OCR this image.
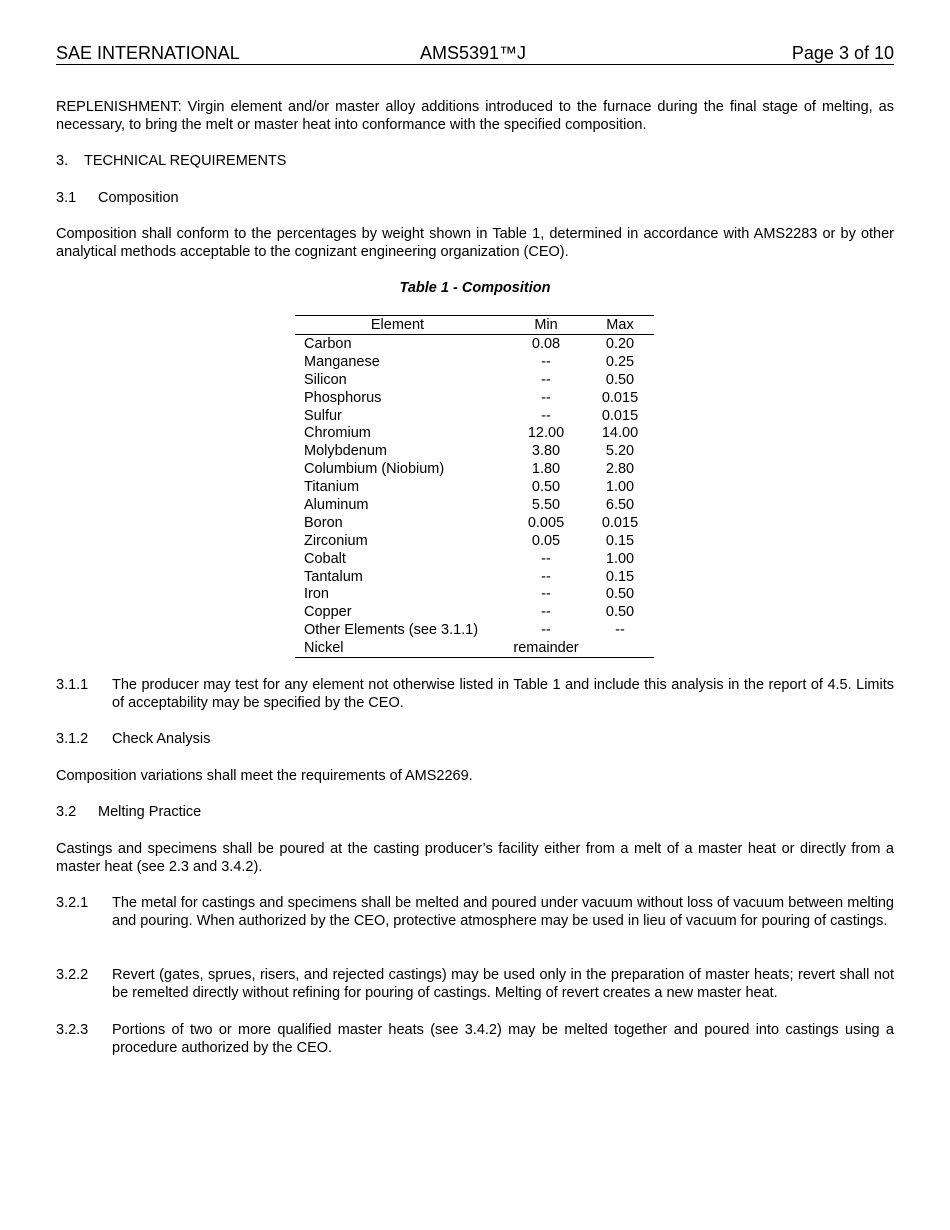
SAE INTERNATIONAL	AMS5391™J	Page 3 of 10

REPLENISHMENT: Virgin element and/or master alloy additions introduced to the furnace during the final stage of melting, as necessary, to bring the melt or master heat into conformance with the specified composition.

3. TECHNICAL REQUIREMENTS
3.1 Composition

Composition shall conform to the percentages by weight shown in Table 1, determined in accordance with AMS2283 or by other analytical methods acceptable to the cognizant engineering organization (CEO).

Table 1 - Composition
Element	Min	Max
Carbon	0.08	0.20
Manganese	--	0.25
Silicon	--	0.50
Phosphorus	--	0.015
Sulfur	--	0.015
Chromium	12.00	14.00
Molybdenum	3.80	5.20
Columbium (Niobium)	1.80	2.80
Titanium	0.50	1.00
Aluminum	5.50	6.50
Boron	0.005	0.015
Zirconium	0.05	0.15
Cobalt	--	1.00
Tantalum	--	0.15
Iron	--	0.50
Copper	--	0.50
Other Elements (see 3.1.1)	--	--
Nickel	remainder
3.1.1 The producer may test for any element not otherwise listed in Table 1 and include this analysis in the report of 4.5. Limits of acceptability may be specified by the CEO.

3.1.2 Check Analysis

Composition variations shall meet the requirements of AMS2269.

3.2 Melting Practice

Castings and specimens shall be poured at the casting producer’s facility either from a melt of a master heat or directly from a master heat (see 2.3 and 3.4.2).

3.2.1 The metal for castings and specimens shall be melted and poured under vacuum without loss of vacuum between melting and pouring. When authorized by the CEO, protective atmosphere may be used in lieu of vacuum for pouring of castings.

3.2.2 Revert (gates, sprues, risers, and rejected castings) may be used only in the preparation of master heats; revert shall not be remelted directly without refining for pouring of castings. Melting of revert creates a new master heat.

3.2.3 Portions of two or more qualified master heats (see 3.4.2) may be melted together and poured into castings using a procedure authorized by the CEO.
